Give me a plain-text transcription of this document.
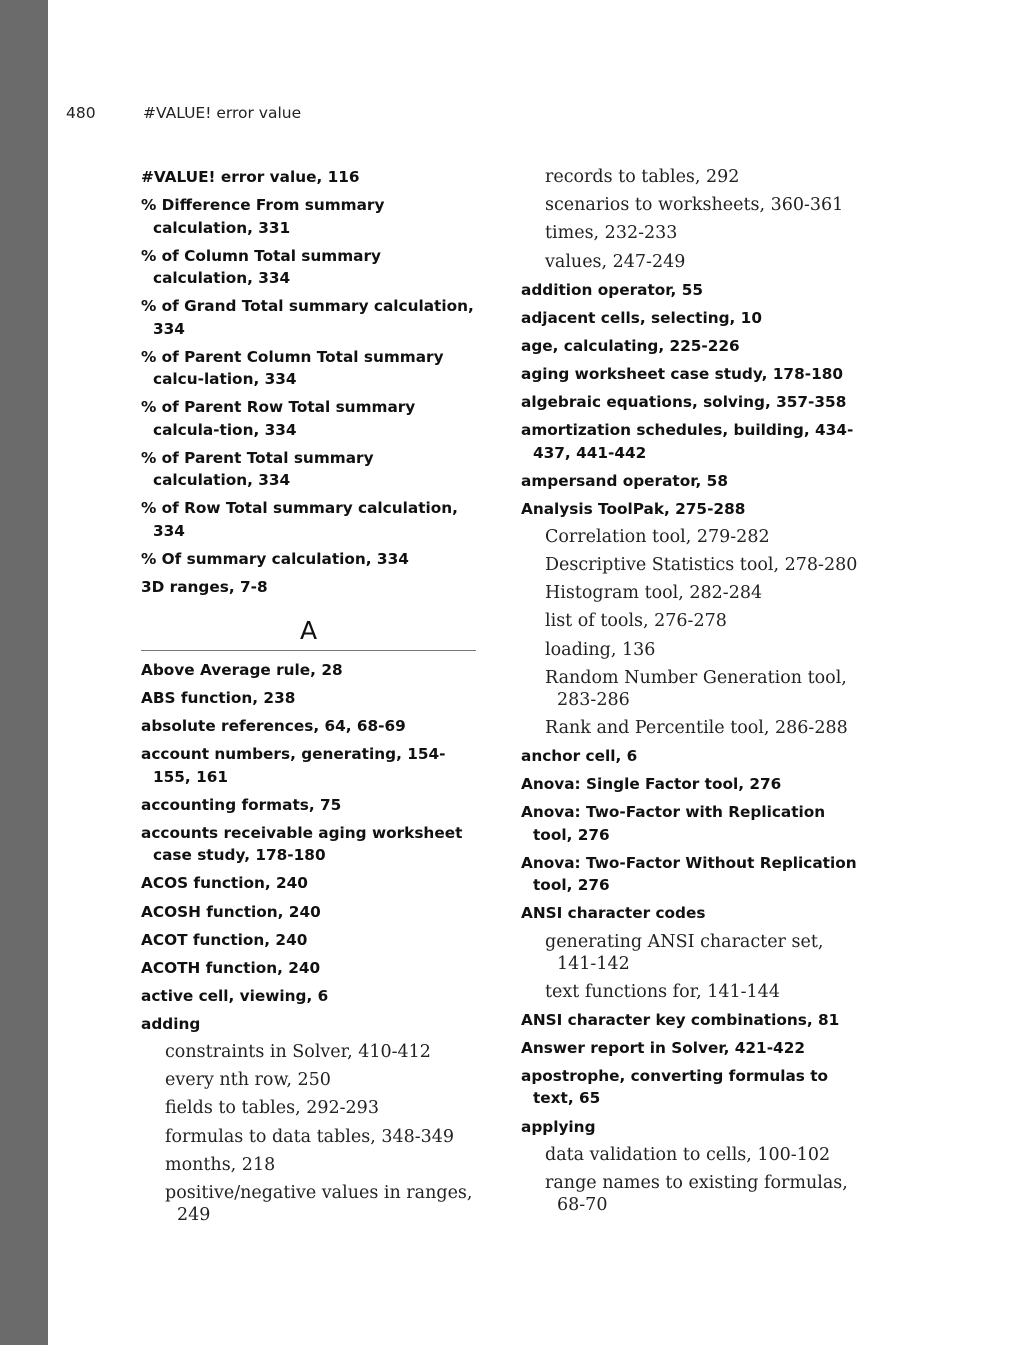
480	#VALUE! error value
#VALUE! error value, 116
% Difference From summary calculation, 331
% of Column Total summary calculation, 334
% of Grand Total summary calculation, 334
% of Parent Column Total summary calcu-lation, 334
% of Parent Row Total summary calcula-tion, 334
% of Parent Total summary calculation, 334
% of Row Total summary calculation, 334
% Of summary calculation, 334
3D ranges, 7-8
A
Above Average rule, 28
ABS function, 238
absolute references, 64, 68-69
account numbers, generating, 154-155, 161
accounting formats, 75
accounts receivable aging worksheet case study, 178-180
ACOS function, 240
ACOSH function, 240
ACOT function, 240
ACOTH function, 240
active cell, viewing, 6
adding
constraints in Solver, 410-412
every nth row, 250
fields to tables, 292-293
formulas to data tables, 348-349
months, 218
positive/negative values in ranges, 249
records to tables, 292
scenarios to worksheets, 360-361
times, 232-233
values, 247-249
addition operator, 55
adjacent cells, selecting, 10
age, calculating, 225-226
aging worksheet case study, 178-180
algebraic equations, solving, 357-358
amortization schedules, building, 434-437, 441-442
ampersand operator, 58
Analysis ToolPak, 275-288
Correlation tool, 279-282
Descriptive Statistics tool, 278-280
Histogram tool, 282-284
list of tools, 276-278
loading, 136
Random Number Generation tool, 283-286
Rank and Percentile tool, 286-288
anchor cell, 6
Anova: Single Factor tool, 276
Anova: Two-Factor with Replication tool, 276
Anova: Two-Factor Without Replication tool, 276
ANSI character codes
generating ANSI character set, 141-142
text functions for, 141-144
ANSI character key combinations, 81
Answer report in Solver, 421-422
apostrophe, converting formulas to text, 65
applying
data validation to cells, 100-102
range names to existing formulas, 68-70
